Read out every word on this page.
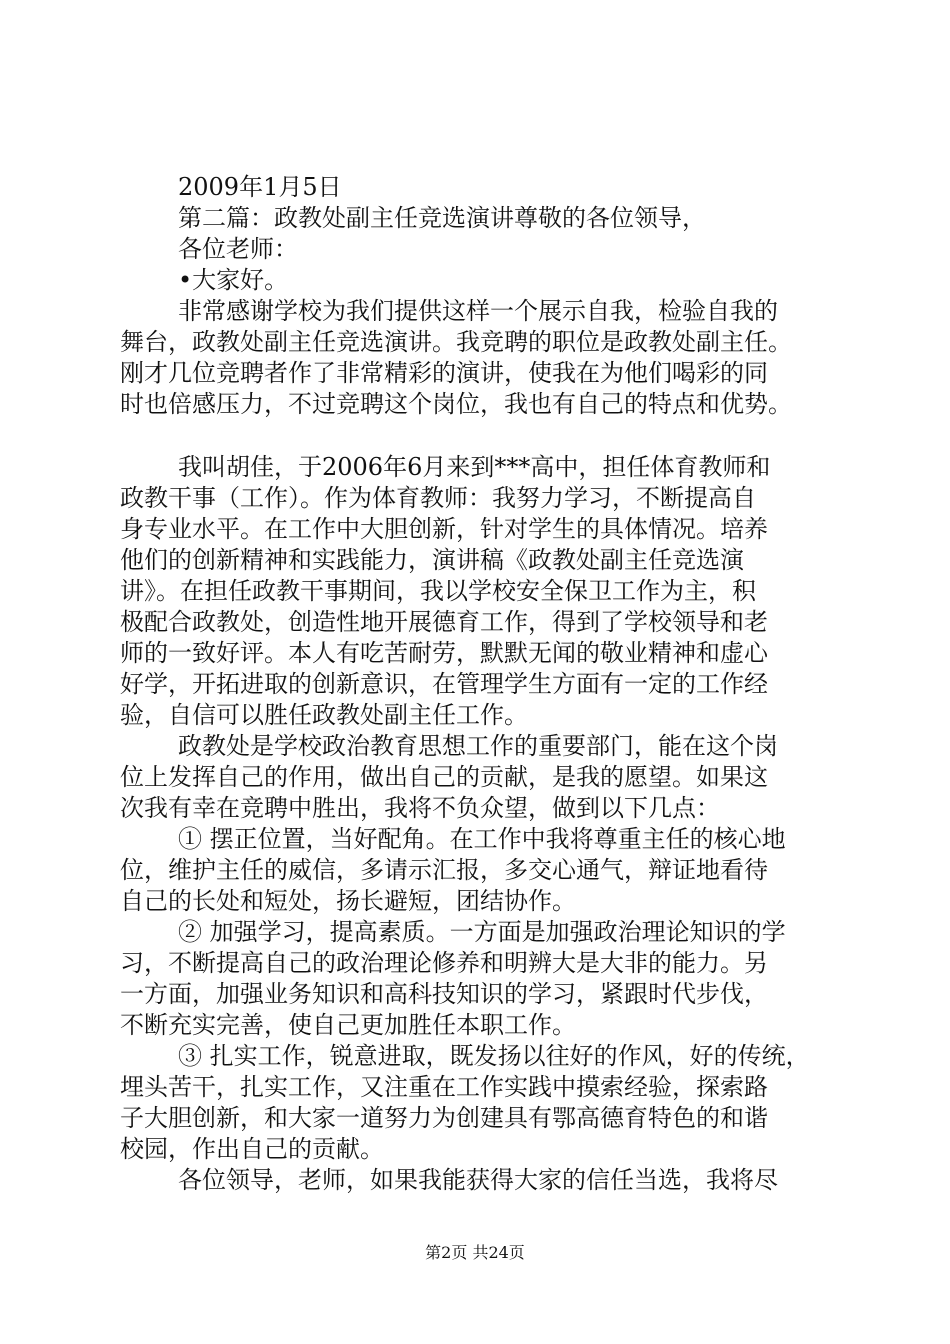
2009年1月5日
第二篇：政教处副主任竞选演讲尊敬的各位领导，
各位老师：
•大家好。
非常感谢学校为我们提供这样一个展示自我，检验自我的
舞台，政教处副主任竞选演讲。我竞聘的职位是政教处副主任。
刚才几位竞聘者作了非常精彩的演讲，使我在为他们喝彩的同
时也倍感压力，不过竞聘这个岗位，我也有自己的特点和优势。
我叫胡佳，于2006年6月来到***高中，担任体育教师和
政教干事（工作）。作为体育教师：我努力学习，不断提高自
身专业水平。在工作中大胆创新，针对学生的具体情况。培养
他们的创新精神和实践能力，演讲稿《政教处副主任竞选演
讲》。在担任政教干事期间，我以学校安全保卫工作为主，积
极配合政教处，创造性地开展德育工作，得到了学校领导和老
师的一致好评。本人有吃苦耐劳，默默无闻的敬业精神和虚心
好学，开拓进取的创新意识，在管理学生方面有一定的工作经
验，自信可以胜任政教处副主任工作。
政教处是学校政治教育思想工作的重要部门，能在这个岗
位上发挥自己的作用，做出自己的贡献，是我的愿望。如果这
次我有幸在竞聘中胜出，我将不负众望，做到以下几点：
① 摆正位置，当好配角。在工作中我将尊重主任的核心地
位，维护主任的威信，多请示汇报，多交心通气，辩证地看待
自己的长处和短处，扬长避短，团结协作。
② 加强学习，提高素质。一方面是加强政治理论知识的学
习，不断提高自己的政治理论修养和明辨大是大非的能力。另
一方面，加强业务知识和高科技知识的学习，紧跟时代步伐，
不断充实完善，使自己更加胜任本职工作。
③ 扎实工作，锐意进取，既发扬以往好的作风，好的传统，
埋头苦干，扎实工作，又注重在工作实践中摸索经验，探索路
子大胆创新，和大家一道努力为创建具有鄂高德育特色的和谐
校园，作出自己的贡献。
各位领导，老师，如果我能获得大家的信任当选，我将尽
第2页 共24页
